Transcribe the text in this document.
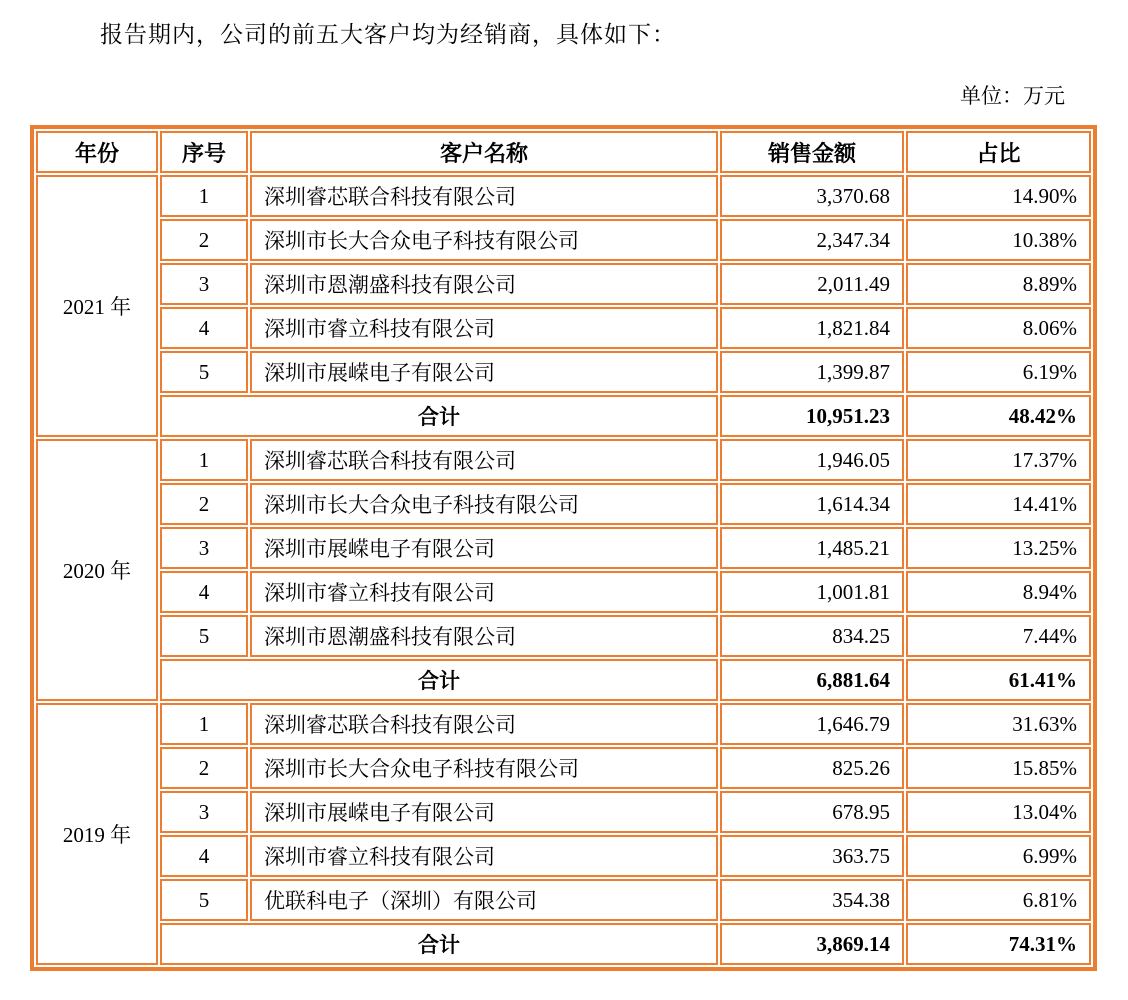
报告期内，公司的前五大客户均为经销商，具体如下：

单位：万元
年份	序号	客户名称	销售金额	占比
2021 年	1	深圳睿芯联合科技有限公司	3,370.68	14.90%
	2	深圳市长大合众电子科技有限公司	2,347.34	10.38%
	3	深圳市恩潮盛科技有限公司	2,011.49	8.89%
	4	深圳市睿立科技有限公司	1,821.84	8.06%
	5	深圳市展嵘电子有限公司	1,399.87	6.19%
	合计		10,951.23	48.42%
2020 年	1	深圳睿芯联合科技有限公司	1,946.05	17.37%
	2	深圳市长大合众电子科技有限公司	1,614.34	14.41%
	3	深圳市展嵘电子有限公司	1,485.21	13.25%
	4	深圳市睿立科技有限公司	1,001.81	8.94%
	5	深圳市恩潮盛科技有限公司	834.25	7.44%
	合计		6,881.64	61.41%
2019 年	1	深圳睿芯联合科技有限公司	1,646.79	31.63%
	2	深圳市长大合众电子科技有限公司	825.26	15.85%
	3	深圳市展嵘电子有限公司	678.95	13.04%
	4	深圳市睿立科技有限公司	363.75	6.99%
	5	优联科电子（深圳）有限公司	354.38	6.81%
	合计		3,869.14	74.31%
